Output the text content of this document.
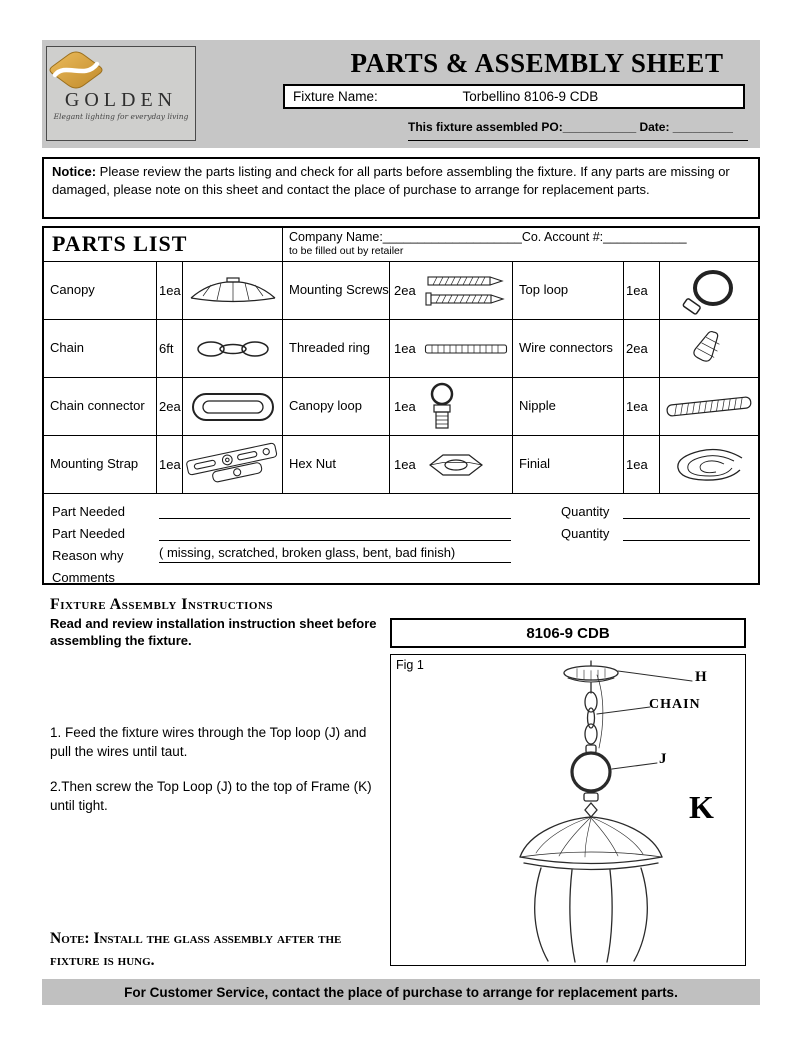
GOLDEN
Elegant lighting for everyday living
PARTS & ASSEMBLY SHEET
Fixture Name:	Torbellino 8106-9 CDB
This fixture assembled PO:___________ Date: _________
Notice: Please review the parts listing and check for all parts before assembling the fixture. If any parts are missing or damaged, please note on this sheet and contact the place of purchase to arrange for replacement parts.
PARTS LIST	Company Name:____________________Co. Account #:____________
to be filled out by retailer
Canopy	1ea	Mounting Screws 2ea	Top loop	1ea
Chain	6ft	Threaded ring	1ea	Wire connectors	2ea
Chain connector	2ea	Canopy loop	1ea	Nipple	1ea
Mounting Strap	1ea	Hex Nut	1ea	Finial	1ea
Part Needed	Quantity
Part Needed	Quantity
Reason why	( missing, scratched, broken glass, bent, bad finish)
Comments
Fixture Assembly Instructions
Read and review installation instruction sheet before assembling the fixture.
1. Feed the fixture wires through the Top loop (J) and pull the wires until taut.
2.Then screw the Top Loop (J) to the top of Frame (K) until tight.
Note: Install the glass assembly after the fixture is hung.
8106-9 CDB
Fig 1
H
CHAIN
J
K
For Customer Service, contact the place of purchase to arrange for replacement parts.
